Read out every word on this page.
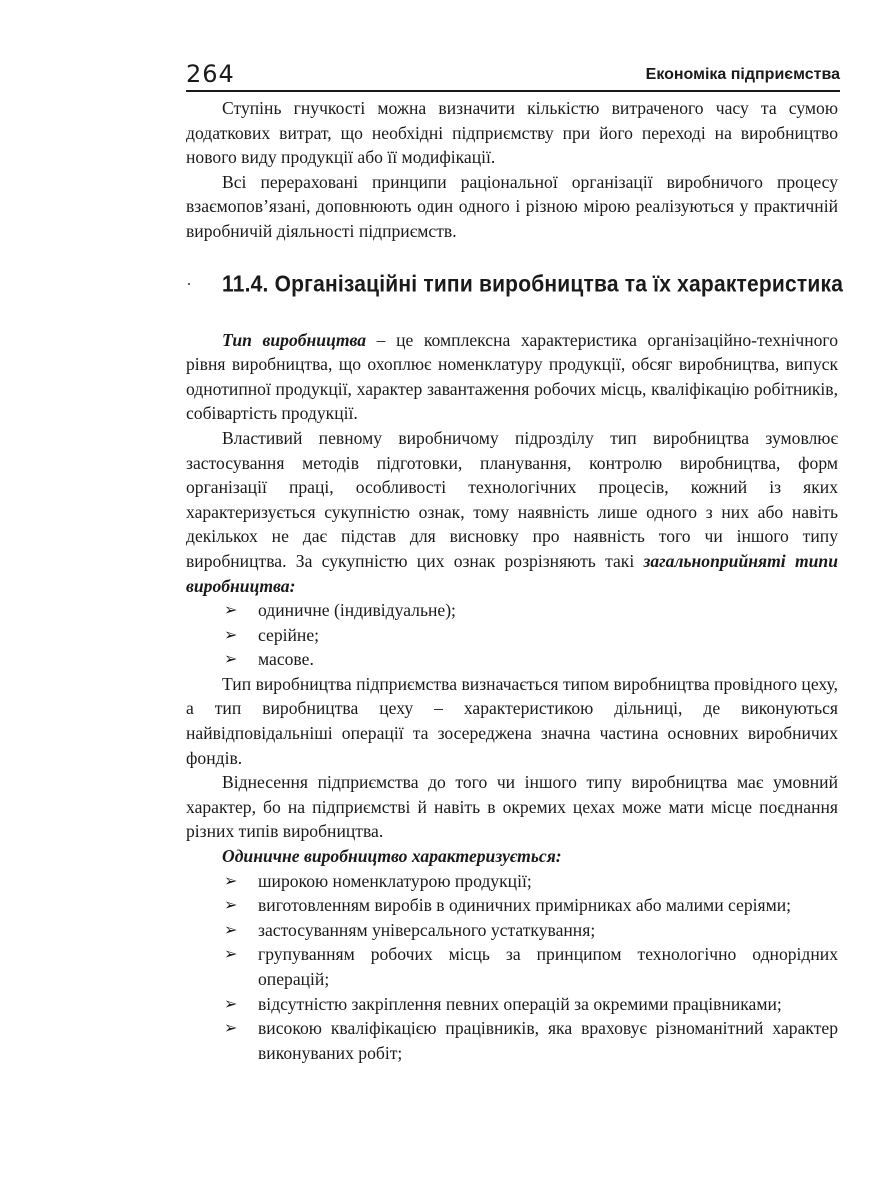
264	Економіка підприємства

Ступінь гнучкості можна визначити кількістю витраченого часу та сумою додаткових витрат, що необхідні підприємству при його переході на виробництво нового виду продукції або її модифікації.

Всі перераховані принципи раціональної організації виробничого процесу взаємопов’язані, доповнюють один одного і різною мірою реалізуються у практичній виробничій діяльності підприємств.

· 11.4. Організаційні типи виробництва та їх характеристика

Тип виробництва – це комплексна характеристика організаційно-технічного рівня виробництва, що охоплює номенклатуру продукції, обсяг виробництва, випуск однотипної продукції, характер завантаження робочих місць, кваліфікацію робітників, собівартість продукції.

Властивий певному виробничому підрозділу тип виробництва зумовлює застосування методів підготовки, планування, контролю виробництва, форм організації праці, особливості технологічних процесів, кожний із яких характеризується сукупністю ознак, тому наявність лише одного з них або навіть декількох не дає підстав для висновку про наявність того чи іншого типу виробництва. За сукупністю цих ознак розрізняють такі загальноприйняті типи виробництва:

➢ одиничне (індивідуальне);
➢ серійне;
➢ масове.

Тип виробництва підприємства визначається типом виробництва провідного цеху, а тип виробництва цеху – характеристикою дільниці, де виконуються найвідповідальніші операції та зосереджена значна частина основних виробничих фондів.

Віднесення підприємства до того чи іншого типу виробництва має умовний характер, бо на підприємстві й навіть в окремих цехах може мати місце поєднання різних типів виробництва.

Одиничне виробництво характеризується:

➢ широкою номенклатурою продукції;
➢ виготовленням виробів в одиничних примірниках або малими серіями;
➢ застосуванням універсального устаткування;
➢ групуванням робочих місць за принципом технологічно однорідних операцій;
➢ відсутністю закріплення певних операцій за окремими працівниками;
➢ високою кваліфікацією працівників, яка враховує різноманітний характер виконуваних робіт;
